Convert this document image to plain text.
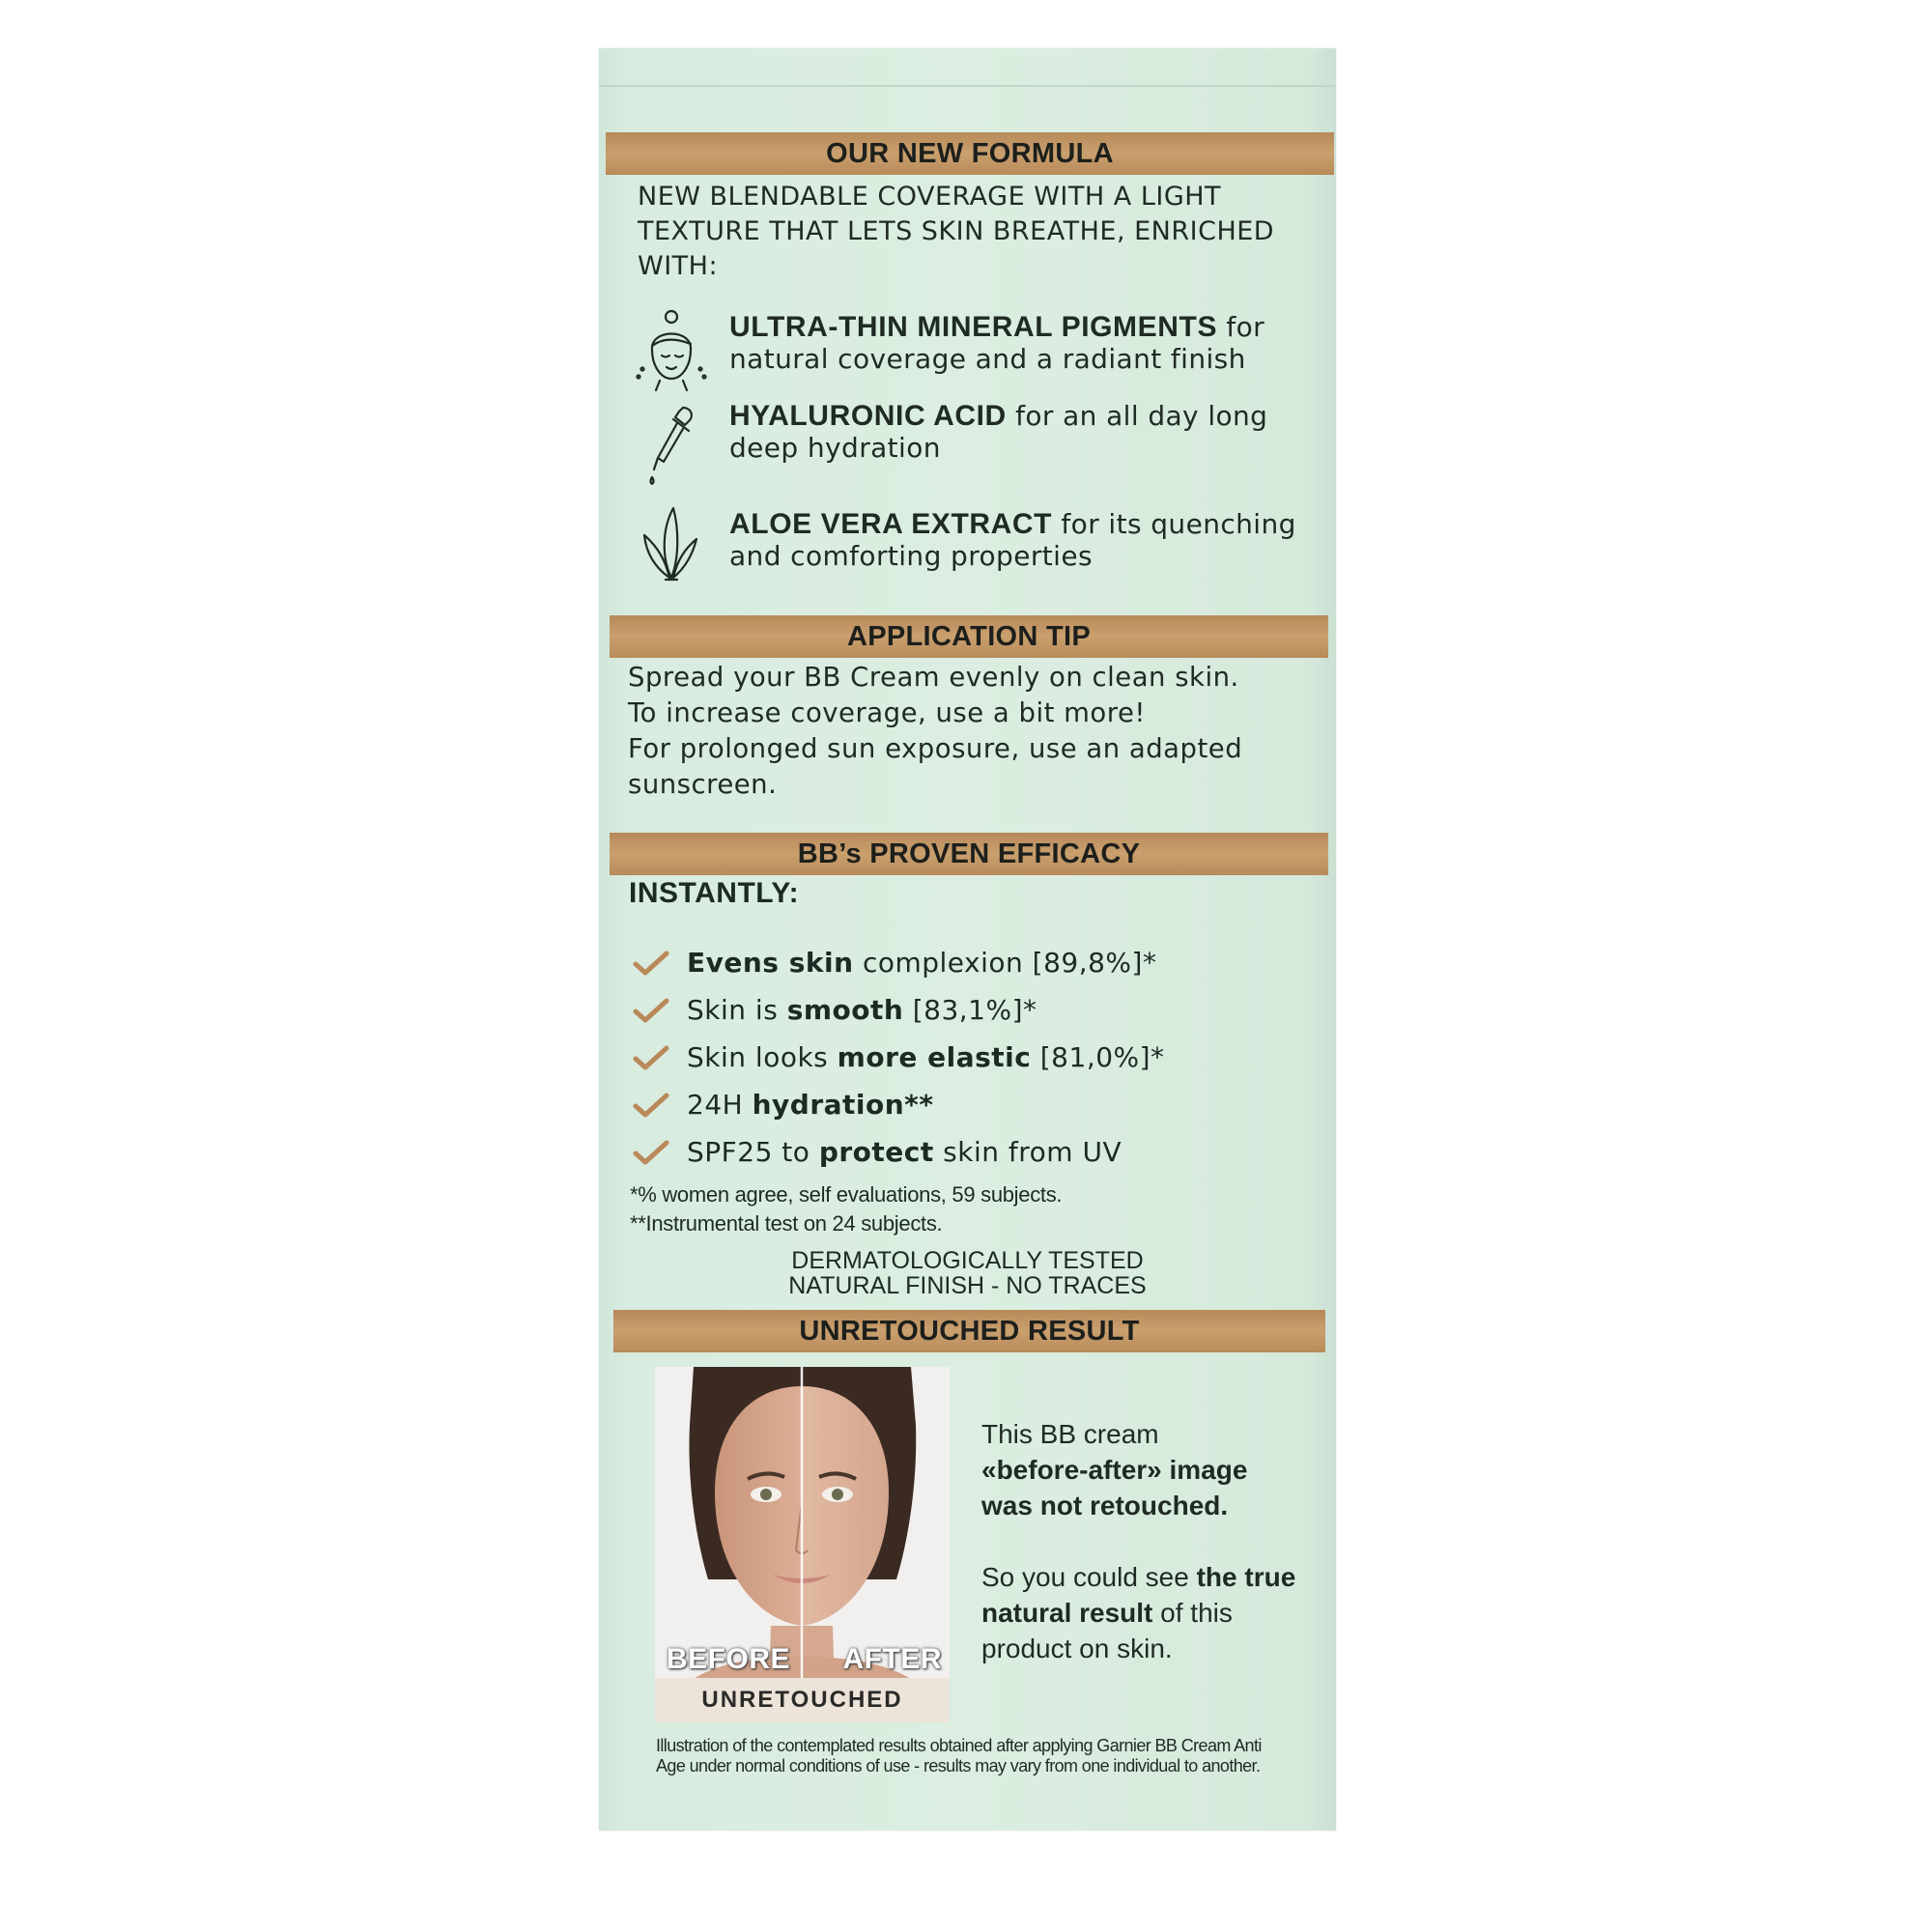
OUR NEW FORMULA
NEW BLENDABLE COVERAGE WITH A LIGHT TEXTURE THAT LETS SKIN BREATHE, ENRICHED WITH:
ULTRA-THIN MINERAL PIGMENTS for natural coverage and a radiant finish
HYALURONIC ACID for an all day long deep hydration
ALOE VERA EXTRACT for its quenching and comforting properties
APPLICATION TIP
Spread your BB Cream evenly on clean skin.
To increase coverage, use a bit more!
For prolonged sun exposure, use an adapted sunscreen.
BB’s PROVEN EFFICACY
INSTANTLY:
Evens skin complexion [89,8%]*
Skin is smooth [83,1%]*
Skin looks more elastic [81,0%]*
24H hydration**
SPF25 to protect skin from UV
*% women agree, self evaluations, 59 subjects.
**Instrumental test on 24 subjects.
DERMATOLOGICALLY TESTED
NATURAL FINISH - NO TRACES
UNRETOUCHED RESULT
BEFORE AFTER
UNRETOUCHED
This BB cream
«before-after» image was not retouched.
So you could see the true natural result of this product on skin.
Illustration of the contemplated results obtained after applying Garnier BB Cream Anti Age under normal conditions of use - results may vary from one individual to another.
